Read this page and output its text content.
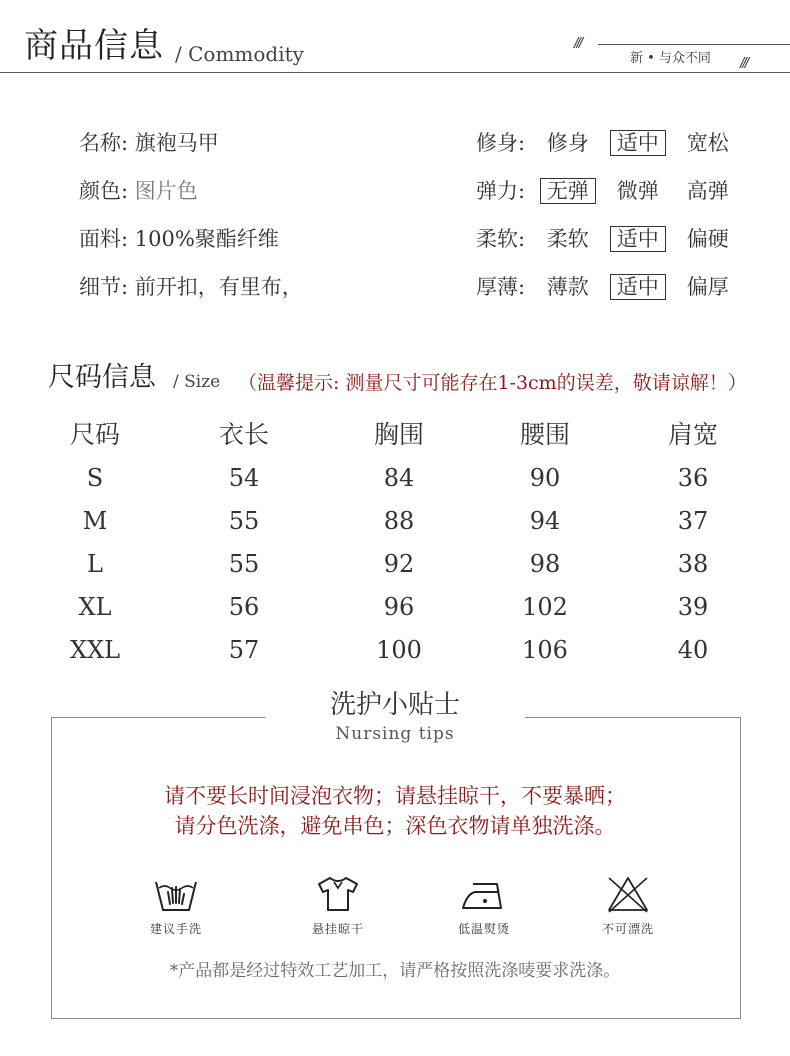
商品信息 / Commodity	///
新 • 与众不同 ///
名称: 旗袍马甲
颜色: 图片色
面料: 100%聚酯纤维
细节: 前开扣，有里布，
修身: 修身 适中 宽松
弹力: 无弹 微弹 高弹
柔软: 柔软 适中 偏硬
厚薄: 薄款 适中 偏厚
尺码信息 / Size （温馨提示: 测量尺寸可能存在1-3cm的误差，敬请谅解！）
尺码	衣长	胸围	腰围	肩宽
S	54	84	90	36
M	55	88	94	37
L	55	92	98	38
XL	56	96	102	39
XXL	57	100	106	40
洗护小贴士
Nursing tips
请不要长时间浸泡衣物；请悬挂晾干，不要暴晒；
请分色洗涤，避免串色；深色衣物请单独洗涤。
建议手洗	悬挂晾干	低温熨烫	不可漂洗
*产品都是经过特效工艺加工，请严格按照洗涤唛要求洗涤。
